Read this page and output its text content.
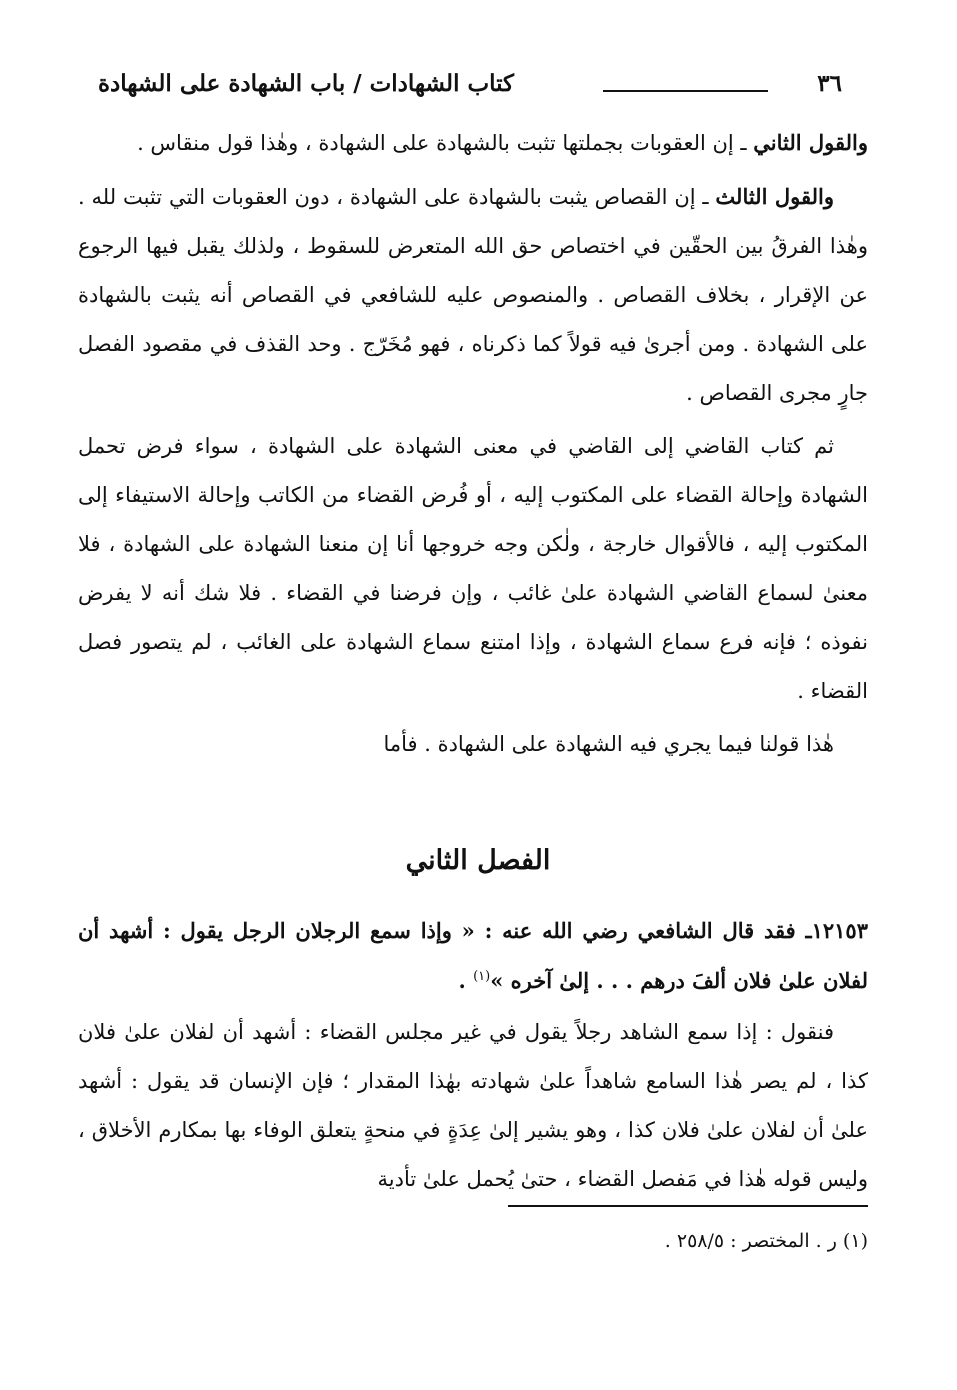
٣٦
كتاب الشهادات / باب الشهادة على الشهادة

والقول الثاني ـ إن العقوبات بجملتها تثبت بالشهادة على الشهادة ، وهٰذا قول منقاس .

والقول الثالث ـ إن القصاص يثبت بالشهادة على الشهادة ، دون العقوبات التي تثبت لله . وهٰذا الفرقُ بين الحقّين في اختصاص حق الله المتعرض للسقوط ، ولذلك يقبل فيها الرجوع عن الإقرار ، بخلاف القصاص . والمنصوص عليه للشافعي في القصاص أنه يثبت بالشهادة على الشهادة . ومن أجرىٰ فيه قولاً كما ذكرناه ، فهو مُخَرّج . وحد القذف في مقصود الفصل جارٍ مجرى القصاص .

ثم كتاب القاضي إلى القاضي في معنى الشهادة على الشهادة ، سواء فرض تحمل الشهادة وإحالة القضاء على المكتوب إليه ، أو فُرض القضاء من الكاتب وإحالة الاستيفاء إلى المكتوب إليه ، فالأقوال خارجة ، ولٰكن وجه خروجها أنا إن منعنا الشهادة على الشهادة ، فلا معنىٰ لسماع القاضي الشهادة علىٰ غائب ، وإن فرضنا في القضاء . فلا شك أنه لا يفرض نفوذه ؛ فإنه فرع سماع الشهادة ، وإذا امتنع سماع الشهادة على الغائب ، لم يتصور فصل القضاء .

هٰذا قولنا فيما يجري فيه الشهادة على الشهادة . فأما

الفصل الثاني
١٢١٥٣ـ فقد قال الشافعي رضي الله عنه : « وإذا سمع الرجلان الرجل يقول : أشهد أن لفلان علىٰ فلان ألفَ درهم . . . إلىٰ آخره »$^{(١)}$ .

فنقول : إذا سمع الشاهد رجلاً يقول في غير مجلس القضاء : أشهد أن لفلان علىٰ فلان كذا ، لم يصر هٰذا السامع شاهداً علىٰ شهادته بهٰذا المقدار ؛ فإن الإنسان قد يقول : أشهد علىٰ أن لفلان علىٰ فلان كذا ، وهو يشير إلىٰ عِدَةٍ في منحةٍ يتعلق الوفاء بها بمكارم الأخلاق ، وليس قوله هٰذا في مَفصل القضاء ، حتىٰ يُحمل علىٰ تأدية

(١) ر . المختصر : ٢٥٨/٥ .
